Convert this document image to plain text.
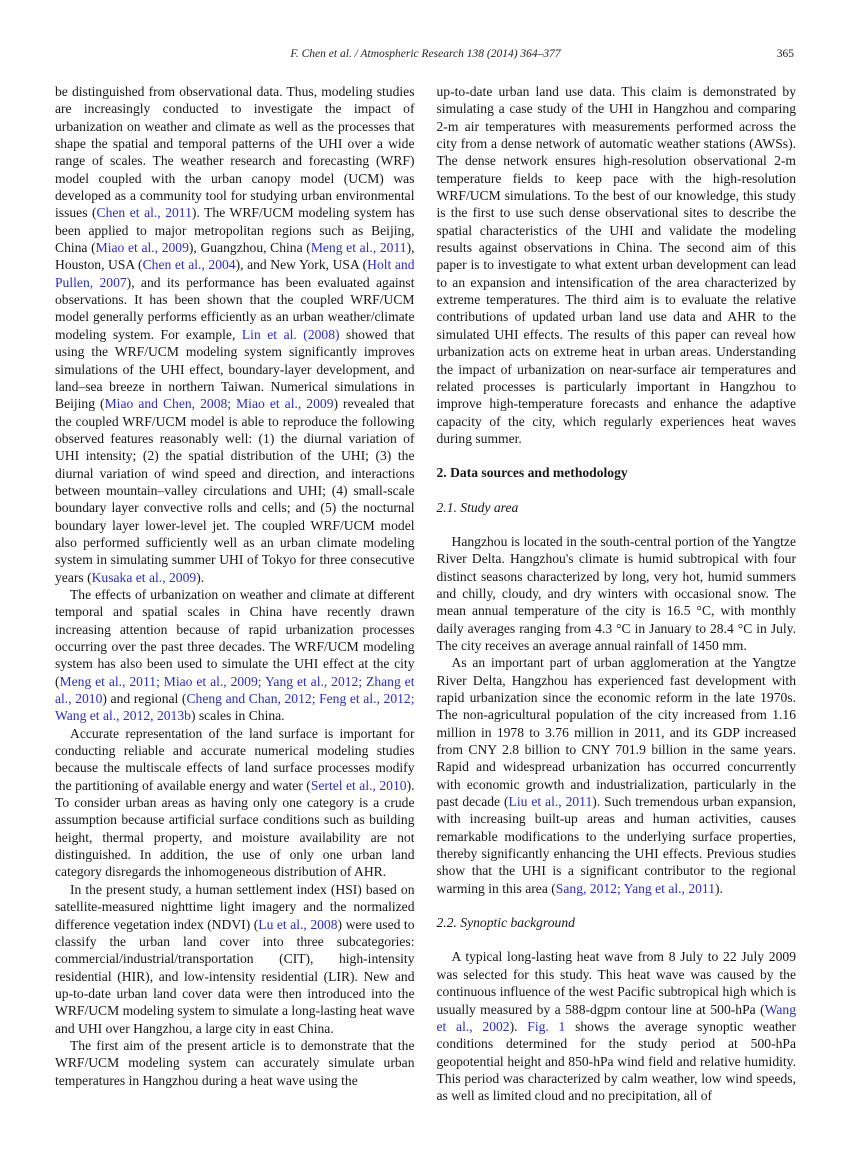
F. Chen et al. / Atmospheric Research 138 (2014) 364–377	365

be distinguished from observational data. Thus, modeling studies are increasingly conducted to investigate the impact of urbanization on weather and climate as well as the processes that shape the spatial and temporal patterns of the UHI over a wide range of scales. The weather research and forecasting (WRF) model coupled with the urban canopy model (UCM) was developed as a community tool for studying urban environmental issues (Chen et al., 2011). The WRF/UCM modeling system has been applied to major metropolitan regions such as Beijing, China (Miao et al., 2009), Guangzhou, China (Meng et al., 2011), Houston, USA (Chen et al., 2004), and New York, USA (Holt and Pullen, 2007), and its performance has been evaluated against observations. It has been shown that the coupled WRF/UCM model generally performs efficiently as an urban weather/climate modeling system. For example, Lin et al. (2008) showed that using the WRF/UCM modeling system significantly improves simulations of the UHI effect, boundary-layer development, and land–sea breeze in northern Taiwan. Numerical simulations in Beijing (Miao and Chen, 2008; Miao et al., 2009) revealed that the coupled WRF/UCM model is able to reproduce the following observed features reasonably well: (1) the diurnal variation of UHI intensity; (2) the spatial distribution of the UHI; (3) the diurnal variation of wind speed and direction, and interactions between mountain–valley circulations and UHI; (4) small-scale boundary layer convective rolls and cells; and (5) the nocturnal boundary layer lower-level jet. The coupled WRF/UCM model also performed sufficiently well as an urban climate modeling system in simulating summer UHI of Tokyo for three consecutive years (Kusaka et al., 2009).

The effects of urbanization on weather and climate at different temporal and spatial scales in China have recently drawn increasing attention because of rapid urbanization processes occurring over the past three decades. The WRF/UCM modeling system has also been used to simulate the UHI effect at the city (Meng et al., 2011; Miao et al., 2009; Yang et al., 2012; Zhang et al., 2010) and regional (Cheng and Chan, 2012; Feng et al., 2012; Wang et al., 2012, 2013b) scales in China.

Accurate representation of the land surface is important for conducting reliable and accurate numerical modeling studies because the multiscale effects of land surface processes modify the partitioning of available energy and water (Sertel et al., 2010). To consider urban areas as having only one category is a crude assumption because artificial surface conditions such as building height, thermal property, and moisture availability are not distinguished. In addition, the use of only one urban land category disregards the inhomogeneous distribution of AHR.

In the present study, a human settlement index (HSI) based on satellite-measured nighttime light imagery and the normalized difference vegetation index (NDVI) (Lu et al., 2008) were used to classify the urban land cover into three subcategories: commercial/industrial/transportation (CIT), high-intensity residential (HIR), and low-intensity residential (LIR). New and up-to-date urban land cover data were then introduced into the WRF/UCM modeling system to simulate a long-lasting heat wave and UHI over Hangzhou, a large city in east China.

The first aim of the present article is to demonstrate that the WRF/UCM modeling system can accurately simulate urban temperatures in Hangzhou during a heat wave using the

up-to-date urban land use data. This claim is demonstrated by simulating a case study of the UHI in Hangzhou and comparing 2-m air temperatures with measurements performed across the city from a dense network of automatic weather stations (AWSs). The dense network ensures high-resolution observational 2-m temperature fields to keep pace with the high-resolution WRF/UCM simulations. To the best of our knowledge, this study is the first to use such dense observational sites to describe the spatial characteristics of the UHI and validate the modeling results against observations in China. The second aim of this paper is to investigate to what extent urban development can lead to an expansion and intensification of the area characterized by extreme temperatures. The third aim is to evaluate the relative contributions of updated urban land use data and AHR to the simulated UHI effects. The results of this paper can reveal how urbanization acts on extreme heat in urban areas. Understanding the impact of urbanization on near-surface air temperatures and related processes is particularly important in Hangzhou to improve high-temperature forecasts and enhance the adaptive capacity of the city, which regularly experiences heat waves during summer.

2. Data sources and methodology
2.1. Study area

Hangzhou is located in the south-central portion of the Yangtze River Delta. Hangzhou's climate is humid subtropical with four distinct seasons characterized by long, very hot, humid summers and chilly, cloudy, and dry winters with occasional snow. The mean annual temperature of the city is 16.5 °C, with monthly daily averages ranging from 4.3 °C in January to 28.4 °C in July. The city receives an average annual rainfall of 1450 mm.

As an important part of urban agglomeration at the Yangtze River Delta, Hangzhou has experienced fast development with rapid urbanization since the economic reform in the late 1970s. The non-agricultural population of the city increased from 1.16 million in 1978 to 3.76 million in 2011, and its GDP increased from CNY 2.8 billion to CNY 701.9 billion in the same years. Rapid and widespread urbanization has occurred concurrently with economic growth and industrialization, particularly in the past decade (Liu et al., 2011). Such tremendous urban expansion, with increasing built-up areas and human activities, causes remarkable modifications to the underlying surface properties, thereby significantly enhancing the UHI effects. Previous studies show that the UHI is a significant contributor to the regional warming in this area (Sang, 2012; Yang et al., 2011).

2.2. Synoptic background

A typical long-lasting heat wave from 8 July to 22 July 2009 was selected for this study. This heat wave was caused by the continuous influence of the west Pacific subtropical high which is usually measured by a 588-dgpm contour line at 500-hPa (Wang et al., 2002). Fig. 1 shows the average synoptic weather conditions determined for the study period at 500-hPa geopotential height and 850-hPa wind field and relative humidity. This period was characterized by calm weather, low wind speeds, as well as limited cloud and no precipitation, all of
